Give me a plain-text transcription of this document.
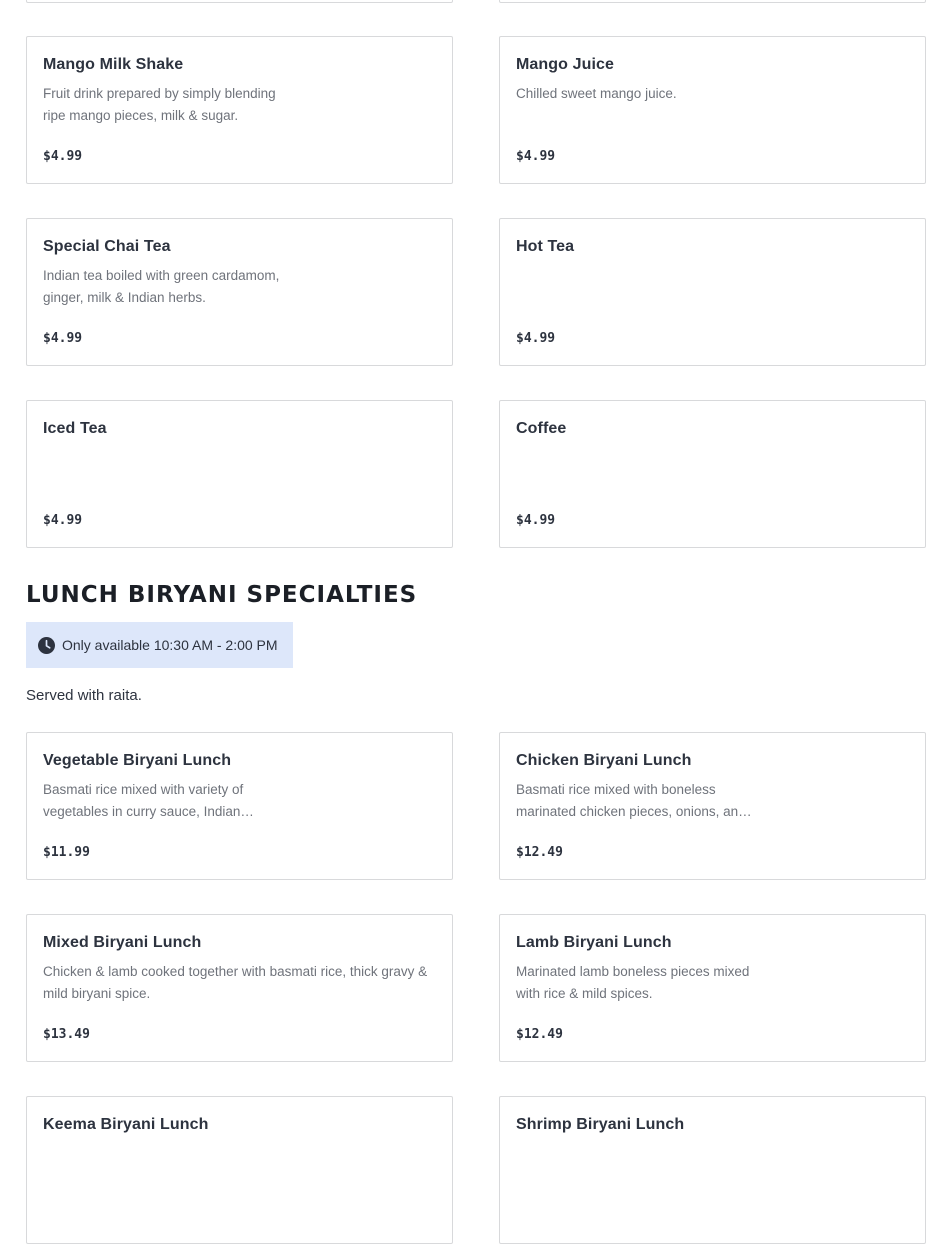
Mango Milk Shake
Fruit drink prepared by simply blending ripe mango pieces, milk & sugar.
$4.99
Mango Juice
Chilled sweet mango juice.
$4.99
Special Chai Tea
Indian tea boiled with green cardamom, ginger, milk & Indian herbs.
$4.99
Hot Tea
$4.99
Iced Tea
$4.99
Coffee
$4.99
LUNCH BIRYANI SPECIALTIES
Only available 10:30 AM - 2:00 PM
Served with raita.
Vegetable Biryani Lunch
Basmati rice mixed with variety of vegetables in curry sauce, Indian…
$11.99
Chicken Biryani Lunch
Basmati rice mixed with boneless marinated chicken pieces, onions, an…
$12.49
Mixed Biryani Lunch
Chicken & lamb cooked together with basmati rice, thick gravy & mild biryani spice.
$13.49
Lamb Biryani Lunch
Marinated lamb boneless pieces mixed with rice & mild spices.
$12.49
Keema Biryani Lunch	Shrimp Biryani Lunch
